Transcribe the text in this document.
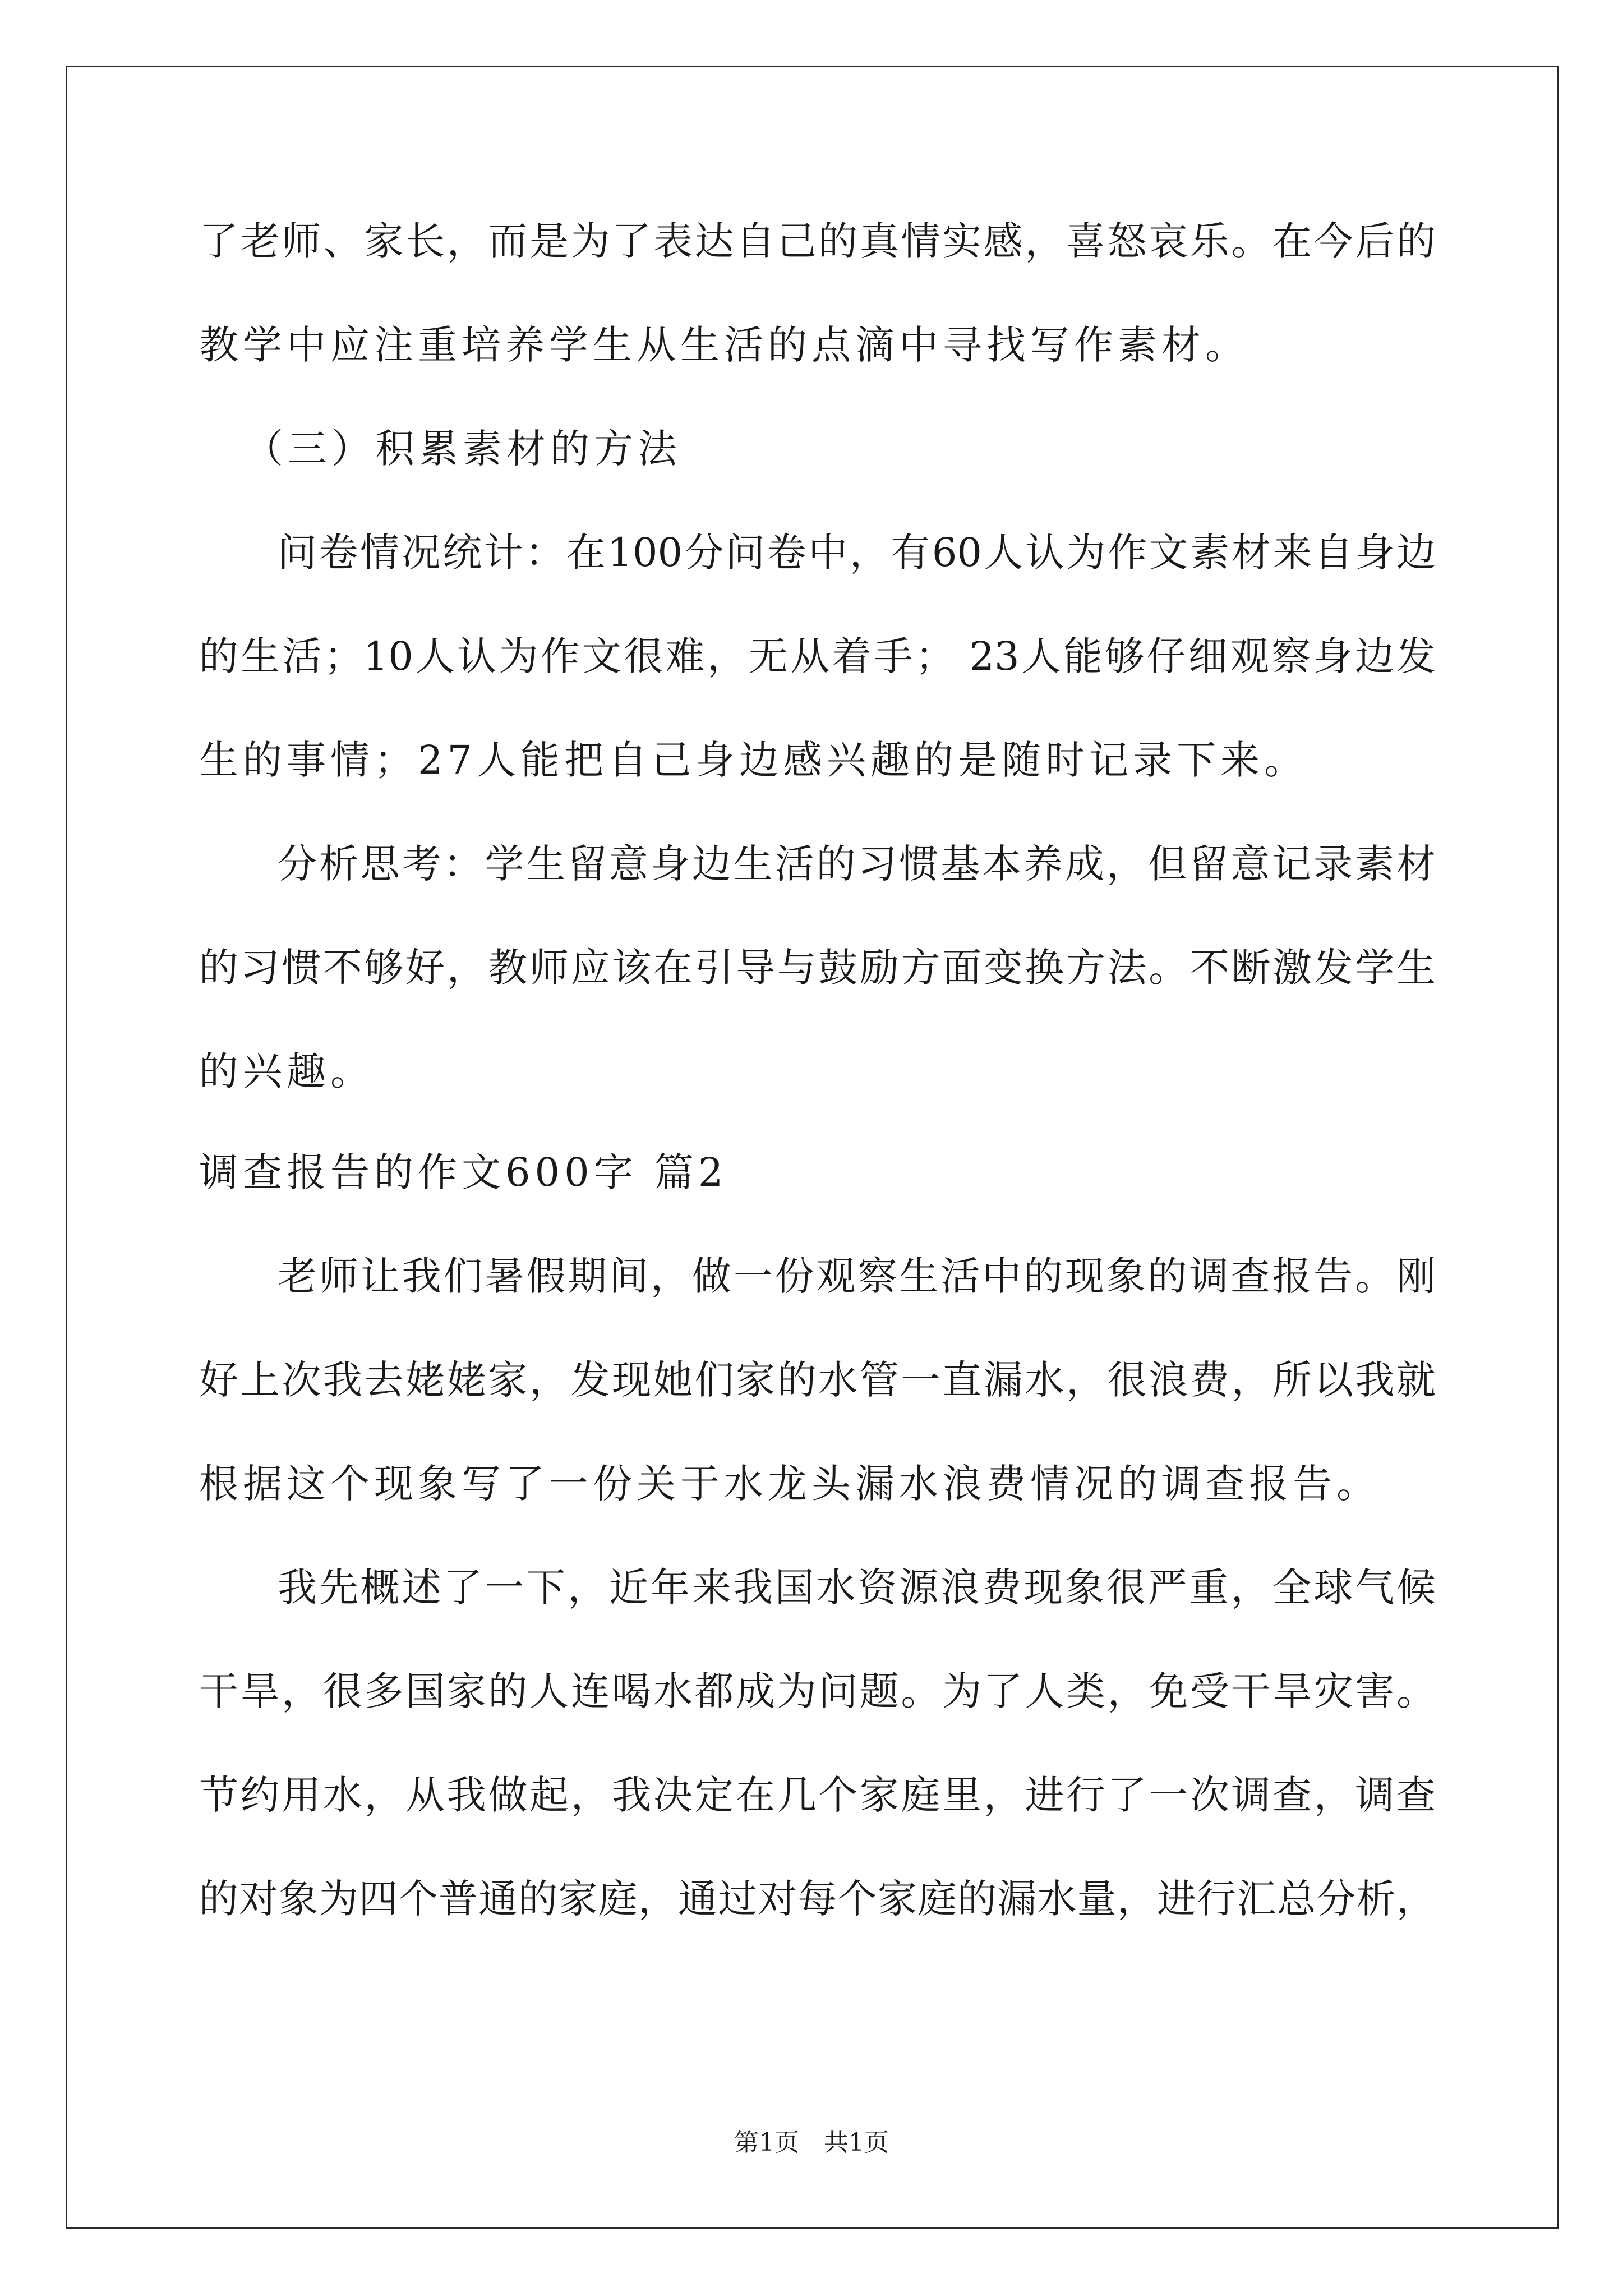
了老师、家长，而是为了表达自己的真情实感，喜怒哀乐。在今后的
教学中应注重培养学生从生活的点滴中寻找写作素材。
（三）积累素材的方法
问卷情况统计：在100分问卷中，有60人认为作文素材来自身边
的生活；10人认为作文很难，无从着手； 23人能够仔细观察身边发
生的事情；27人能把自己身边感兴趣的是随时记录下来。
分析思考：学生留意身边生活的习惯基本养成，但留意记录素材
的习惯不够好，教师应该在引导与鼓励方面变换方法。不断激发学生
的兴趣。
调查报告的作文600字 篇2
老师让我们暑假期间，做一份观察生活中的现象的调查报告。刚
好上次我去姥姥家，发现她们家的水管一直漏水，很浪费，所以我就
根据这个现象写了一份关于水龙头漏水浪费情况的调查报告。
我先概述了一下，近年来我国水资源浪费现象很严重，全球气候
干旱，很多国家的人连喝水都成为问题。为了人类，免受干旱灾害。
节约用水，从我做起，我决定在几个家庭里，进行了一次调查，调查
的对象为四个普通的家庭，通过对每个家庭的漏水量，进行汇总分析，
第1页　共1页
